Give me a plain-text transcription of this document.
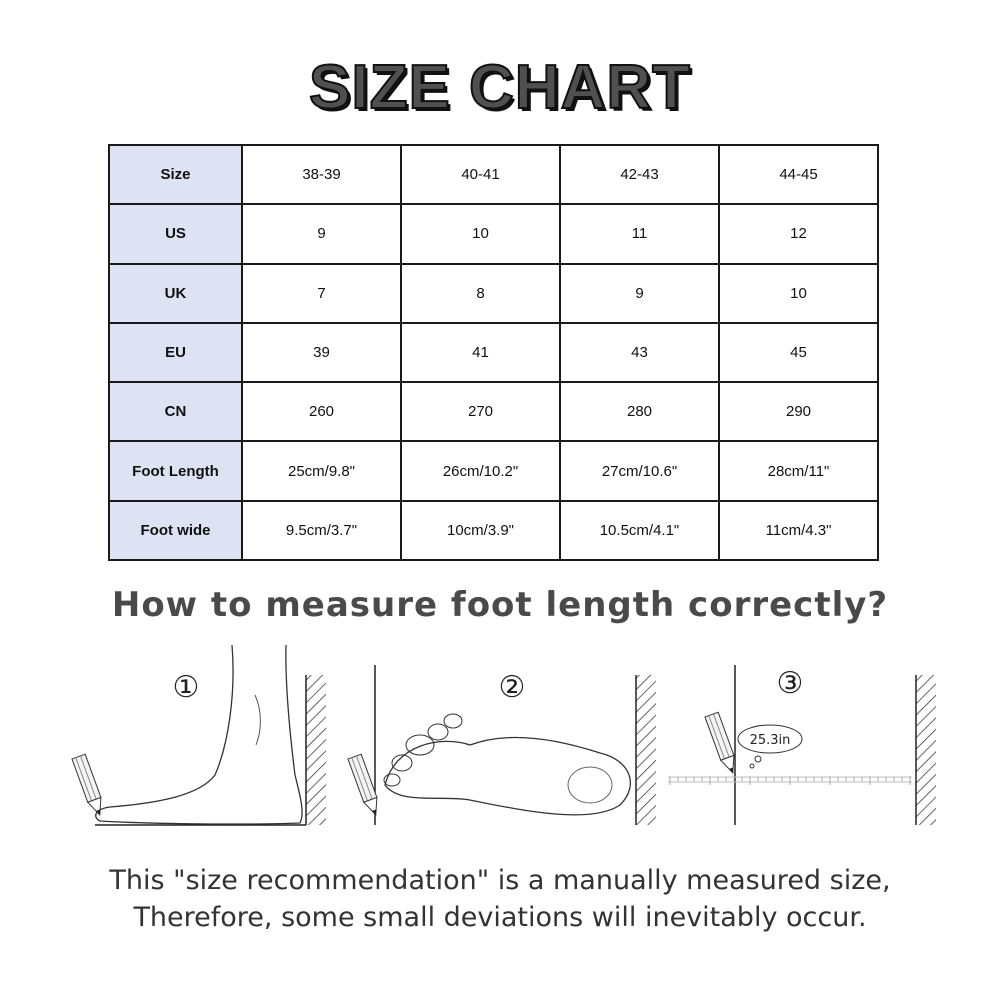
SIZE CHART
Size	38-39	40-41	42-43	44-45
US	9	10	11	12
UK	7	8	9	10
EU	39	41	43	45
CN	260	270	280	290
Foot Length	25cm/9.8"	26cm/10.2"	27cm/10.6"	28cm/11"
Foot wide	9.5cm/3.7"	10cm/3.9"	10.5cm/4.1"	11cm/4.3"
How to measure foot length correctly?
①	②	③
25.3in
This "size recommendation" is a manually measured size,
Therefore, some small deviations will inevitably occur.
